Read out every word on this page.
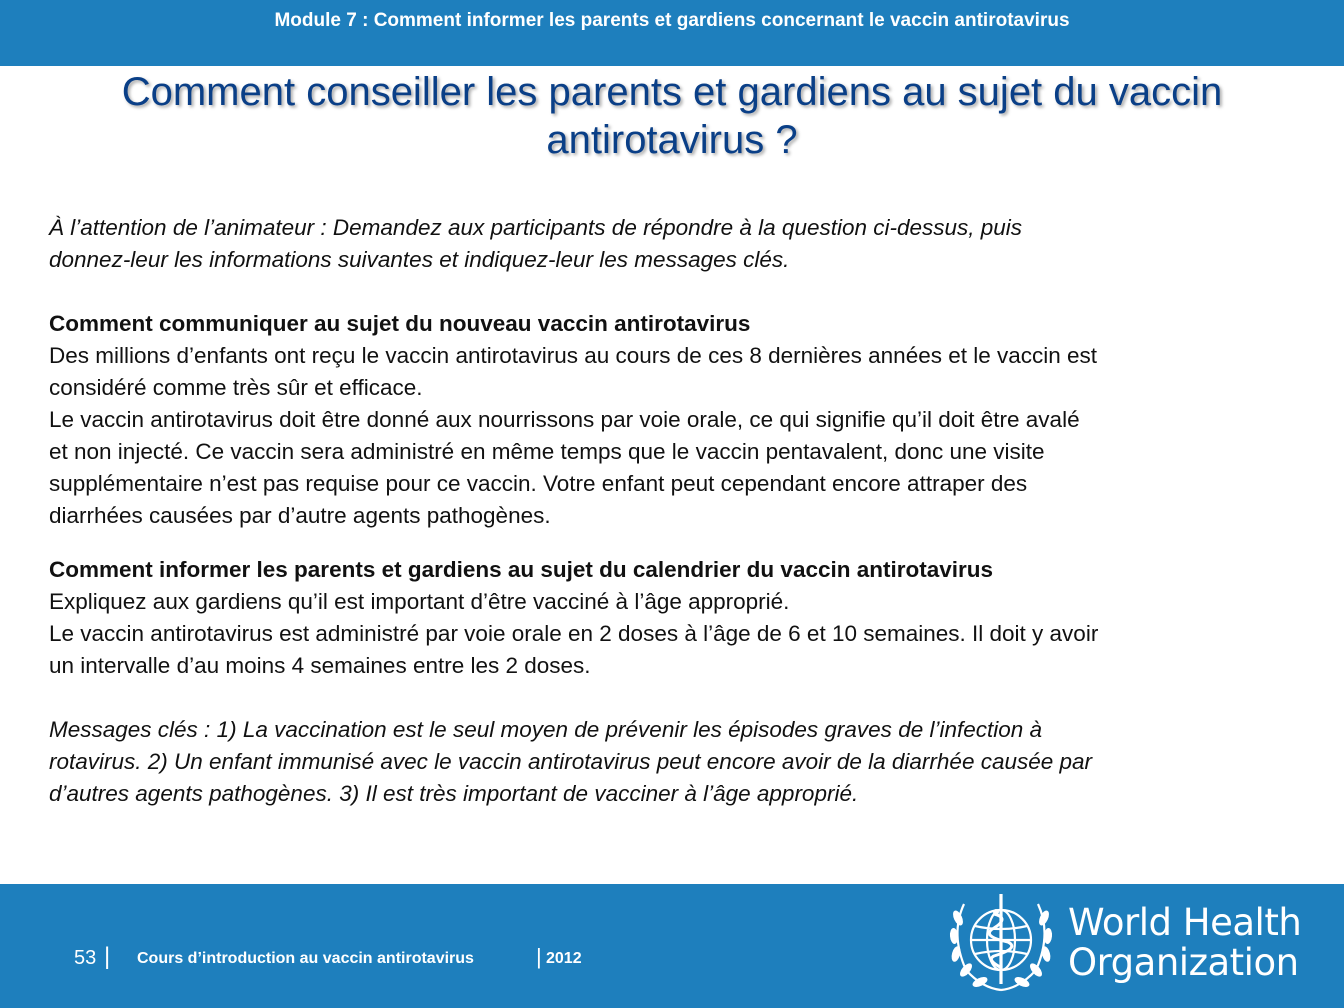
Module 7 : Comment informer les parents et gardiens concernant le vaccin antirotavirus
Comment conseiller les parents et gardiens au sujet du vaccin
antirotavirus ?

À l’attention de l’animateur : Demandez aux participants de répondre à la question ci-dessus, puis

donnez-leur les informations suivantes et indiquez-leur les messages clés.

Comment communiquer au sujet du nouveau vaccin antirotavirus

Des millions d’enfants ont reçu le vaccin antirotavirus au cours de ces 8 dernières années et le vaccin est

considéré comme très sûr et efficace.

Le vaccin antirotavirus doit être donné aux nourrissons par voie orale, ce qui signifie qu’il doit être avalé

et non injecté. Ce vaccin sera administré en même temps que le vaccin pentavalent, donc une visite

supplémentaire n’est pas requise pour ce vaccin. Votre enfant peut cependant encore attraper des

diarrhées causées par d’autre agents pathogènes.

Comment informer les parents et gardiens au sujet du calendrier du vaccin antirotavirus

Expliquez aux gardiens qu’il est important d’être vacciné à l’âge approprié.

Le vaccin antirotavirus est administré par voie orale en 2 doses à l’âge de 6 et 10 semaines. Il doit y avoir

un intervalle d’au moins 4 semaines entre les 2 doses.

Messages clés : 1) La vaccination est le seul moyen de prévenir les épisodes graves de l’infection à

rotavirus. 2) Un enfant immunisé avec le vaccin antirotavirus peut encore avoir de la diarrhée causée par

d’autres agents pathogènes. 3) Il est très important de vacciner à l’âge approprié.

53 | Cours d’introduction au vaccin antirotavirus	| 2012
World Health
Organization
